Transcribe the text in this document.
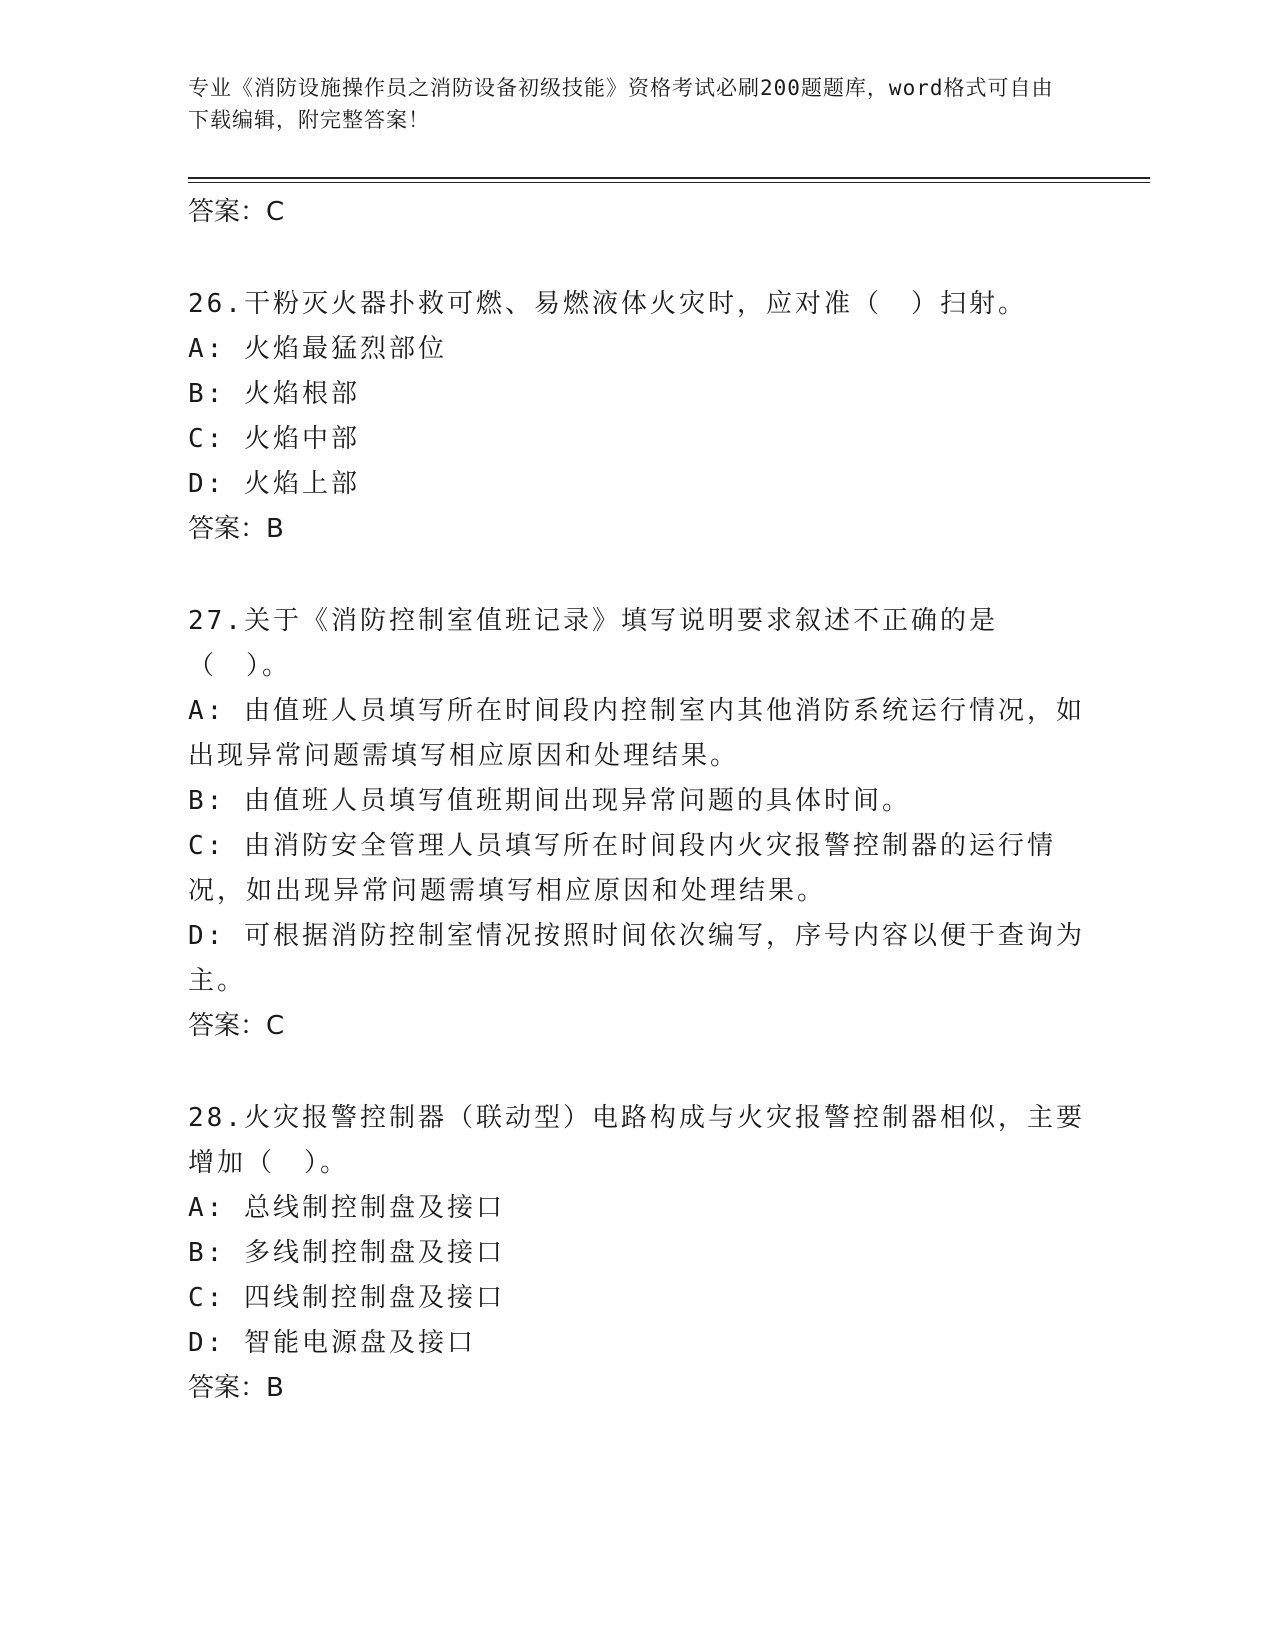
专业《消防设施操作员之消防设备初级技能》资格考试必刷200题题库，word格式可自由下载编辑，附完整答案！
答案：C
26.干粉灭火器扑救可燃、易燃液体火灾时，应对准（　）扫射。
A: 火焰最猛烈部位
B: 火焰根部
C: 火焰中部
D: 火焰上部
答案：B
27.关于《消防控制室值班记录》填写说明要求叙述不正确的是（　）。
A: 由值班人员填写所在时间段内控制室内其他消防系统运行情况，如出现异常问题需填写相应原因和处理结果。
B: 由值班人员填写值班期间出现异常问题的具体时间。
C: 由消防安全管理人员填写所在时间段内火灾报警控制器的运行情况，如出现异常问题需填写相应原因和处理结果。
D: 可根据消防控制室情况按照时间依次编写，序号内容以便于查询为主。
答案：C
28.火灾报警控制器（联动型）电路构成与火灾报警控制器相似，主要增加（　）。
A: 总线制控制盘及接口
B: 多线制控制盘及接口
C: 四线制控制盘及接口
D: 智能电源盘及接口
答案：B
